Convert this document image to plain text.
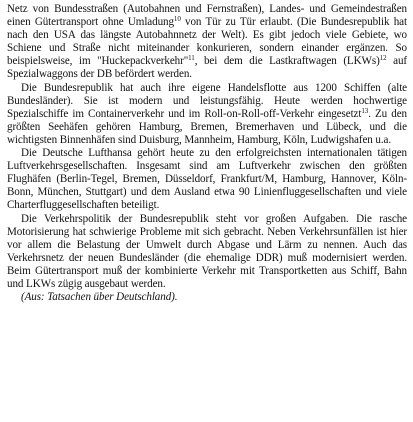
Netz von Bundesstraßen (Autobahnen und Fernstraßen), Landes- und Gemeindestraßen einen Gütertransport ohne Umladung$^{10}$ von Tür zu Tür erlaubt. (Die Bundesrepublik hat nach den USA das längste Autobahnnetz der Welt). Es gibt jedoch viele Gebiete, wo Schiene und Straße nicht miteinander konkurieren, sondern einander ergänzen. So beispielsweise, im "Huckepackverkehr"$^{11}$, bei dem die Lastkraftwagen (LKWs)$^{12}$ auf Spezialwaggons der DB befördert werden.

Die Bundesrepublik hat auch ihre eigene Handelsflotte aus 1200 Schiffen (alte Bundesländer). Sie ist modern und leistungsfähig. Heute werden hochwertige Spezialschiffe im Containerverkehr und im Roll-on-Roll-off-Verkehr eingesetzt$^{13}$. Zu den größten Seehäfen gehören Hamburg, Bremen, Bremerhaven und Lübeck, und die wichtigsten Binnenhäfen sind Duisburg, Mannheim, Hamburg, Köln, Ludwigshafen u.a.

Die Deutsche Lufthansa gehört heute zu den erfolgreichsten internationalen tätigen Luftverkehrsgesellschaften. Insgesamt sind am Luftverkehr zwischen den größten Flughäfen (Berlin-Tegel, Bremen, Düsseldorf, Frankfurt/M, Hamburg, Hannover, Köln-Bonn, München, Stuttgart) und dem Ausland etwa 90 Linienfluggesellschaften und viele Charterfluggesellschaften beteiligt.

Die Verkehrspolitik der Bundesrepublik steht vor großen Aufgaben. Die rasche Motorisierung hat schwierige Probleme mit sich gebracht. Neben Verkehrsunfällen ist hier vor allem die Belastung der Umwelt durch Abgase und Lärm zu nennen. Auch das Verkehrsnetz der neuen Bundesländer (die ehemalige DDR) muß modernisiert werden. Beim Gütertransport muß der kombinierte Verkehr mit Transportketten aus Schiff, Bahn und LKWs zügig ausgebaut werden.

(Aus: Tatsachen über Deutschland).
